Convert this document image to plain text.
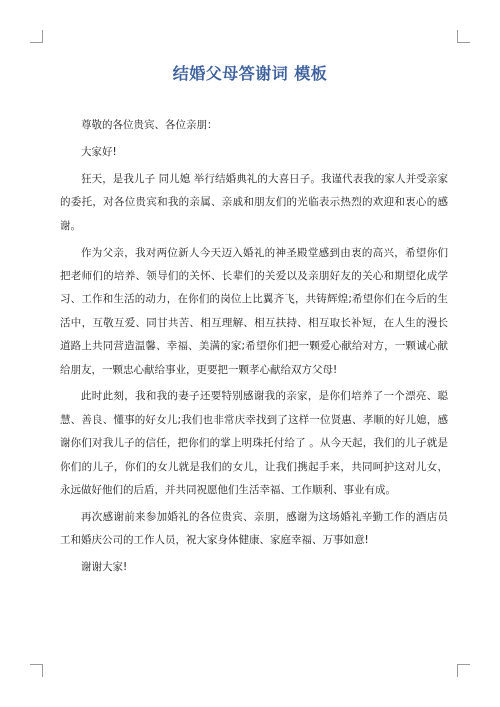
结婚父母答谢词 模板

尊敬的各位贵宾、各位亲朋：

大家好!

狂天，是我儿子 同儿媳 举行结婚典礼的大喜日子。我谨代表我的家人并受亲家的委托，对各位贵宾和我的亲属、亲戚和朋友们的光临表示热烈的欢迎和衷心的感谢。

作为父亲，我对两位新人今天迈入婚礼的神圣殿堂感到由衷的高兴，希望你们把老师们的培养、领导们的关怀、长辈们的关爱以及亲朋好友的关心和期望化成学习、工作和生活的动力，在你们的岗位上比翼齐飞，共铸辉煌;希望你们在今后的生活中，互敬互爱、同甘共苦、相互理解、相互扶持、相互取长补短，在人生的漫长道路上共同营造温馨、幸福、美满的家;希望你们把一颗爱心献给对方，一颗诚心献给朋友，一颗忠心献给事业，更要把一颗孝心献给双方父母!

此时此刻，我和我的妻子还要特别感谢我的亲家，是你们培养了一个漂亮、聪慧、善良、懂事的好女儿;我们也非常庆幸找到了这样一位贤惠、孝顺的好儿媳，感谢你们对我儿子的信任，把你们的掌上明珠托付给了 。从今天起，我们的儿子就是你们的儿子，你们的女儿就是我们的女儿，让我们携起手来，共同呵护这对儿女，永远做好他们的后盾，并共同祝愿他们生活幸福、工作顺利、事业有成。

再次感谢前来参加婚礼的各位贵宾、亲朋，感谢为这场婚礼辛勤工作的酒店员工和婚庆公司的工作人员，祝大家身体健康、家庭幸福、万事如意!

谢谢大家!
